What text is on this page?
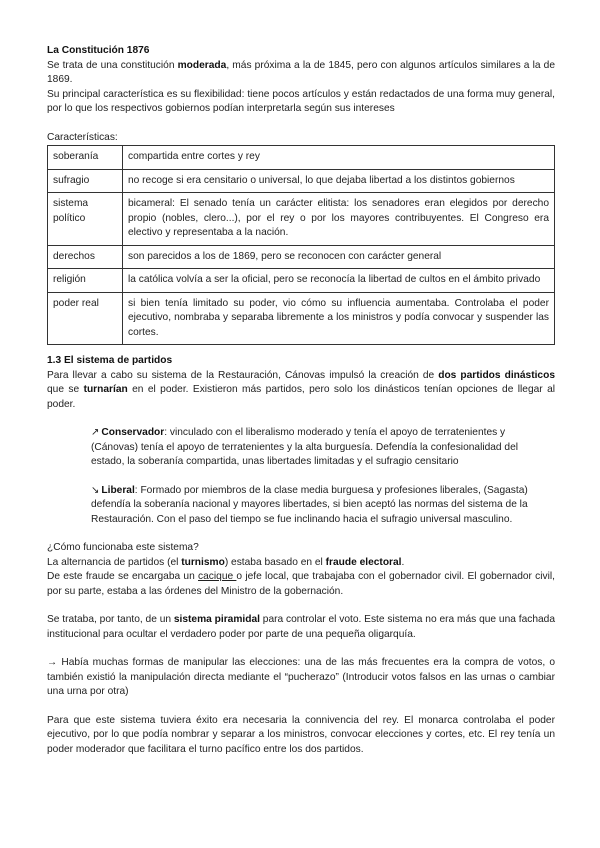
La Constitución 1876

Se trata de una constitución moderada, más próxima a la de 1845, pero con algunos artículos similares a la de 1869.

Su principal característica es su flexibilidad: tiene pocos artículos y están redactados de una forma muy general, por lo que los respectivos gobiernos podían interpretarla según sus intereses

Características:

soberanía	compartida entre cortes y rey
sufragio	no recoge si era censitario o universal, lo que dejaba libertad a los distintos gobiernos
sistema político	bicameral: El senado tenía un carácter elitista: los senadores eran elegidos por derecho propio (nobles, clero...), por el rey o por los mayores contribuyentes. El Congreso era electivo y representaba a la nación.
derechos	son parecidos a los de 1869, pero se reconocen con carácter general
religión	la católica volvía a ser la oficial, pero se reconocía la libertad de cultos en el ámbito privado
poder real	si bien tenía limitado su poder, vio cómo su influencia aumentaba. Controlaba el poder ejecutivo, nombraba y separaba libremente a los ministros y podía convocar y suspender las cortes.

1.3 El sistema de partidos

Para llevar a cabo su sistema de la Restauración, Cánovas impulsó la creación de dos partidos dinásticos que se turnarían en el poder. Existieron más partidos, pero solo los dinásticos tenían opciones de llegar al poder.

↗ Conservador: vinculado con el liberalismo moderado y tenía el apoyo de terratenientes y (Cánovas) tenía el apoyo de terratenientes y la alta burguesía. Defendía la confesionalidad del estado, la soberanía compartida, unas libertades limitadas y el sufragio censitario

↘ Liberal: Formado por miembros de la clase media burguesa y profesiones liberales, (Sagasta) defendía la soberanía nacional y mayores libertades, si bien aceptó las normas del sistema de la Restauración. Con el paso del tiempo se fue inclinando hacia el sufragio universal masculino.

¿Cómo funcionaba este sistema?

La alternancia de partidos (el turnismo) estaba basado en el fraude electoral.

De este fraude se encargaba un cacique o jefe local, que trabajaba con el gobernador civil. El gobernador civil, por su parte, estaba a las órdenes del Ministro de la gobernación.

Se trataba, por tanto, de un sistema piramidal para controlar el voto. Este sistema no era más que una fachada institucional para ocultar el verdadero poder por parte de una pequeña oligarquía.

→ Había muchas formas de manipular las elecciones: una de las más frecuentes era la compra de votos, o también existió la manipulación directa mediante el “pucherazo” (Introducir votos falsos en las urnas o cambiar una urna por otra)

Para que este sistema tuviera éxito era necesaria la connivencia del rey. El monarca controlaba el poder ejecutivo, por lo que podía nombrar y separar a los ministros, convocar elecciones y cortes, etc. El rey tenía un poder moderador que facilitara el turno pacífico entre los dos partidos.
